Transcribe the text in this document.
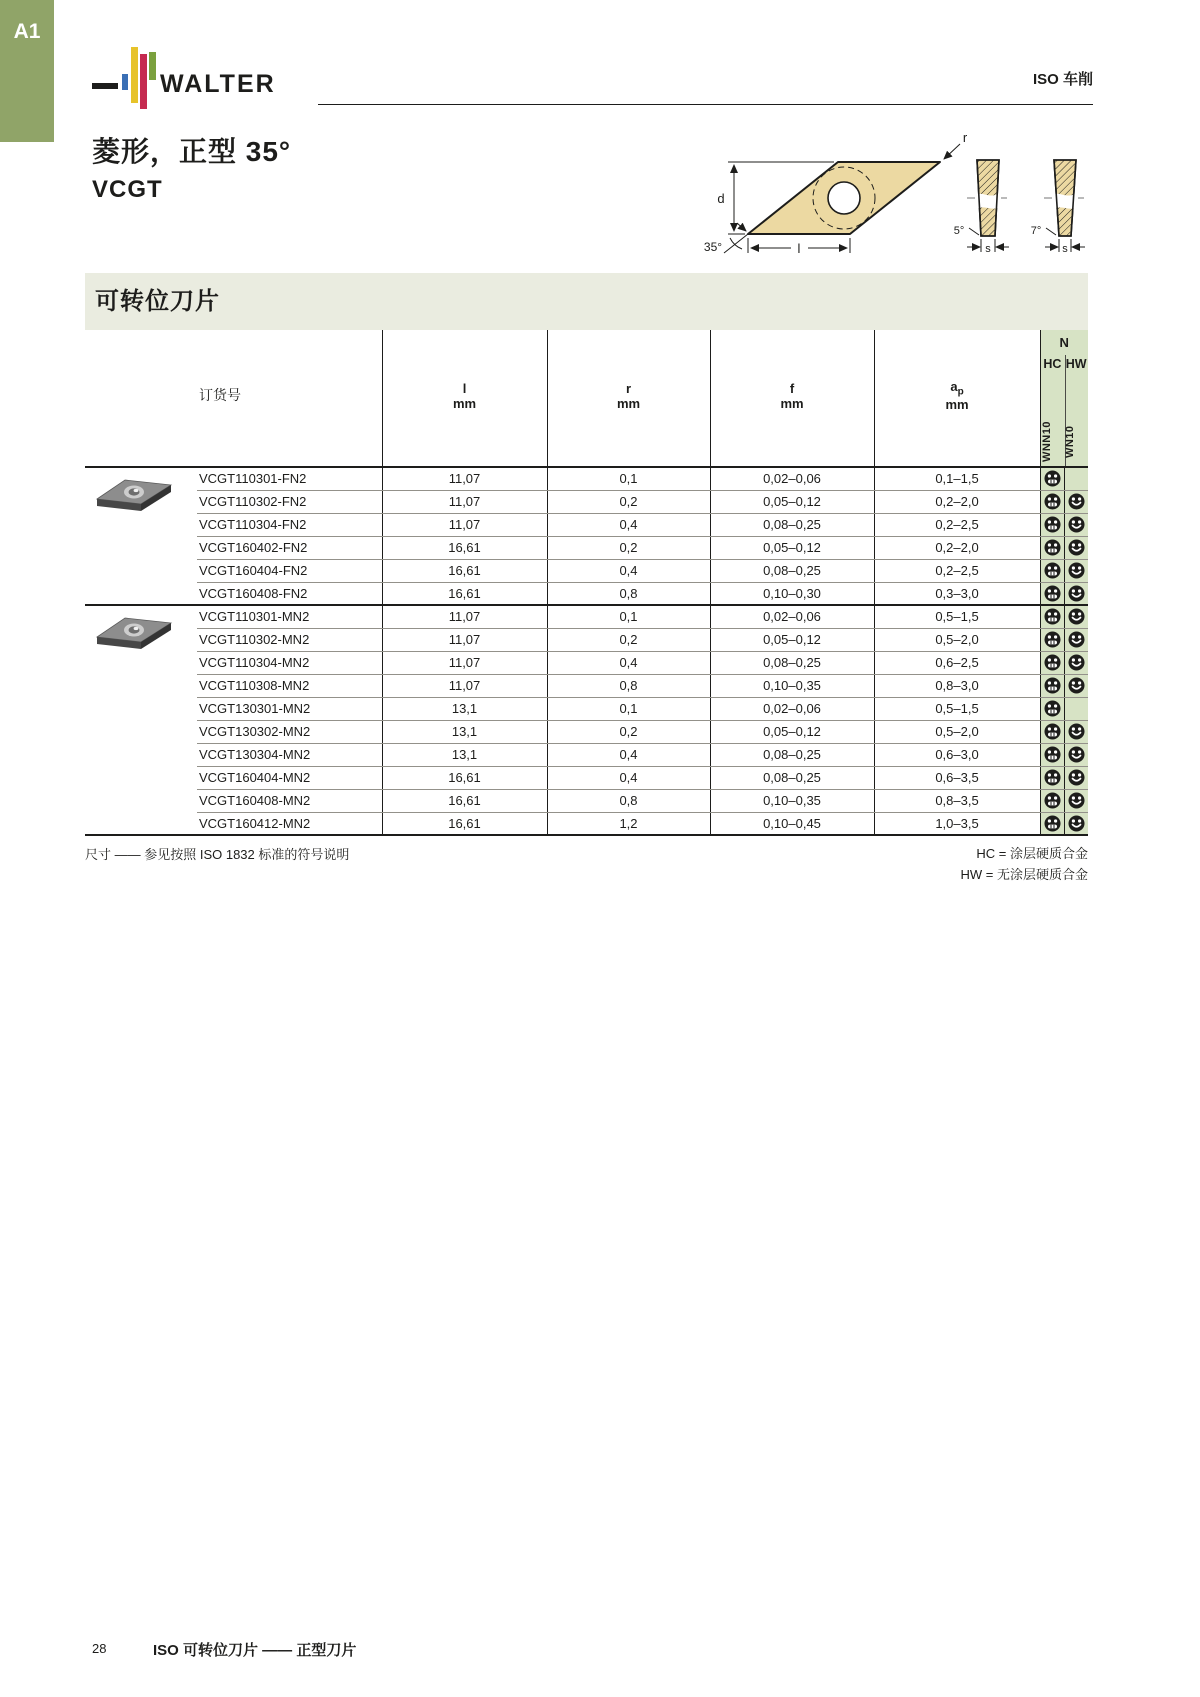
A1
WALTER	ISO 车削
菱形，正型 35°
VCGT	d
l
35°
r
5°
s
7°
s
可转位刀片
	订货号	l
mm

r
mm

f
mm

$a_p$
mm

N
HC HW
WNN10	WN10

	VCGT110301-FN2	11,07	0,1	0,02–0,06	0,1–1,5	

	VCGT110302-FN2	11,07	0,2	0,05–0,12	0,2–2,0	

	VCGT110304-FN2	11,07	0,4	0,08–0,25	0,2–2,5	

	VCGT160402-FN2	16,61	0,2	0,05–0,12	0,2–2,0	

	VCGT160404-FN2	16,61	0,4	0,08–0,25	0,2–2,5	

	VCGT160408-FN2	16,61	0,8	0,10–0,30	0,3–3,0	

	VCGT110301-MN2	11,07	0,1	0,02–0,06	0,5–1,5	

	VCGT110302-MN2	11,07	0,2	0,05–0,12	0,5–2,0	

	VCGT110304-MN2	11,07	0,4	0,08–0,25	0,6–2,5	

	VCGT110308-MN2	11,07	0,8	0,10–0,35	0,8–3,0	

	VCGT130301-MN2	13,1	0,1	0,02–0,06	0,5–1,5	

	VCGT130302-MN2	13,1	0,2	0,05–0,12	0,5–2,0	

	VCGT130304-MN2	13,1	0,4	0,08–0,25	0,6–3,0	

	VCGT160404-MN2	16,61	0,4	0,08–0,25	0,6–3,5	

	VCGT160408-MN2	16,61	0,8	0,10–0,35	0,8–3,5	

	VCGT160412-MN2	16,61	1,2	0,10–0,45	1,0–3,5	

尺寸 —— 参见按照 ISO 1832 标准的符号说明	HC = 涂层硬质合金
HW = 无涂层硬质合金
28	ISO 可转位刀片 —— 正型刀片
